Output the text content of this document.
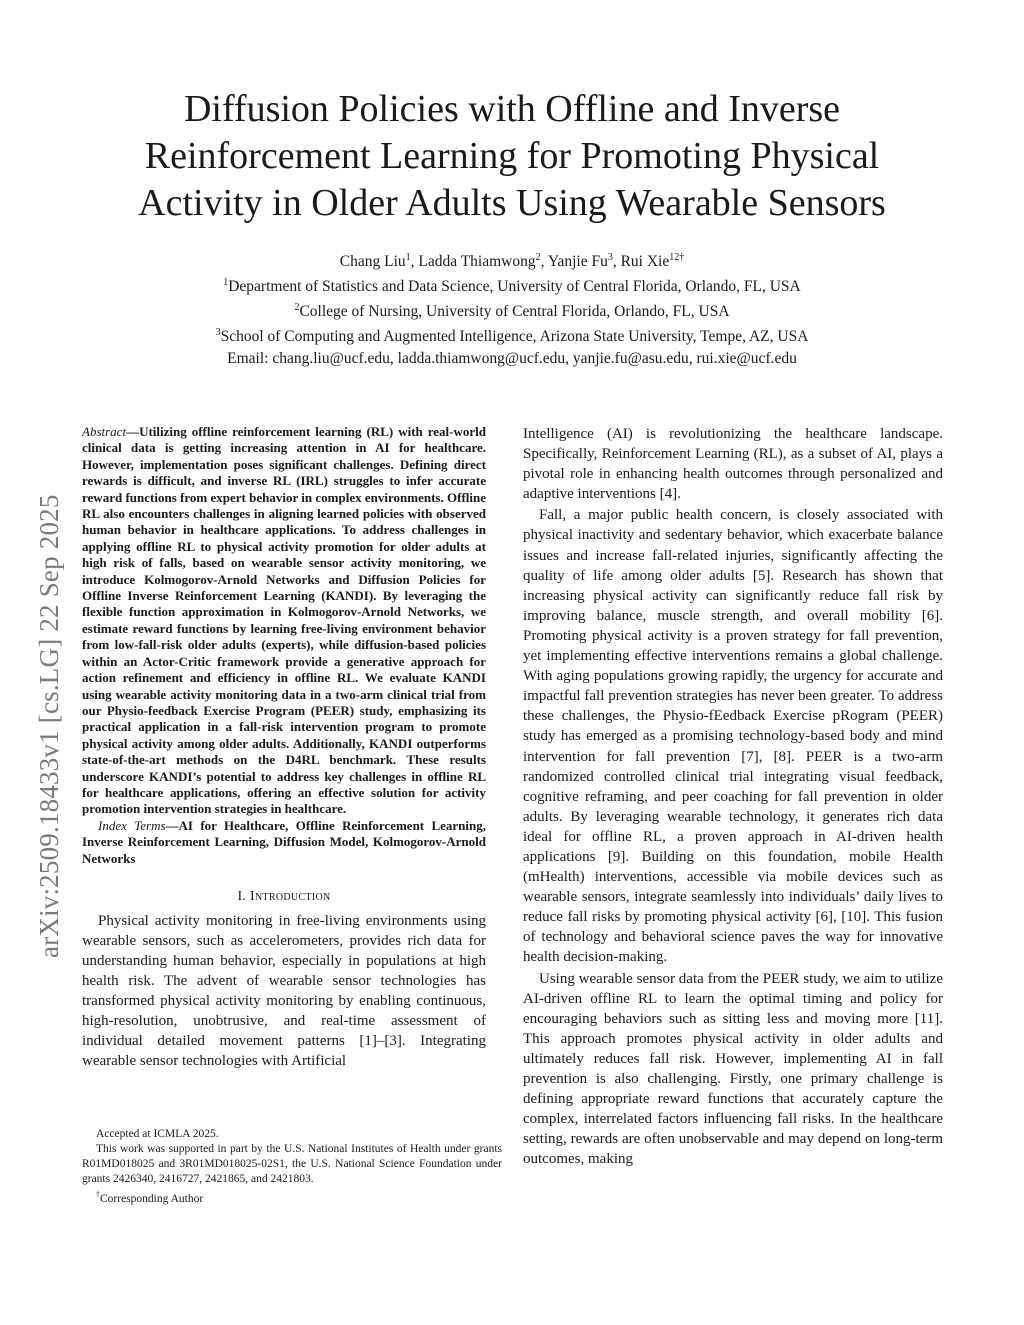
Diffusion Policies with Offline and Inverse
Reinforcement Learning for Promoting Physical
Activity in Older Adults Using Wearable Sensors
Chang Liu$^1$, Ladda Thiamwong$^2$, Yanjie Fu$^3$, Rui Xie$^{12\dagger}$
$^1$Department of Statistics and Data Science, University of Central Florida, Orlando, FL, USA
$^2$College of Nursing, University of Central Florida, Orlando, FL, USA
$^3$School of Computing and Augmented Intelligence, Arizona State University, Tempe, AZ, USA
Email: chang.liu@ucf.edu, ladda.thiamwong@ucf.edu, yanjie.fu@asu.edu, rui.xie@ucf.edu
arXiv:2509.18433v1 [cs.LG] 22 Sep 2025

Abstract—Utilizing offline reinforcement learning (RL) with real-world clinical data is getting increasing attention in AI for healthcare. However, implementation poses significant challenges. Defining direct rewards is difficult, and inverse RL (IRL) struggles to infer accurate reward functions from expert behavior in complex environments. Offline RL also encounters challenges in aligning learned policies with observed human behavior in healthcare applications. To address challenges in applying offline RL to physical activity promotion for older adults at high risk of falls, based on wearable sensor activity monitoring, we introduce Kolmogorov-Arnold Networks and Diffusion Policies for Offline Inverse Reinforcement Learning (KANDI). By leveraging the flexible function approximation in Kolmogorov-Arnold Networks, we estimate reward functions by learning free-living environment behavior from low-fall-risk older adults (experts), while diffusion-based policies within an Actor-Critic framework provide a generative approach for action refinement and efficiency in offline RL. We evaluate KANDI using wearable activity monitoring data in a two-arm clinical trial from our Physio-feedback Exercise Program (PEER) study, emphasizing its practical application in a fall-risk intervention program to promote physical activity among older adults. Additionally, KANDI outperforms state-of-the-art methods on the D4RL benchmark. These results underscore KANDI’s potential to address key challenges in offline RL for healthcare applications, offering an effective solution for activity promotion intervention strategies in healthcare.

Index Terms—AI for Healthcare, Offline Reinforcement Learning, Inverse Reinforcement Learning, Diffusion Model, Kolmogorov-Arnold Networks

I. Introduction

Physical activity monitoring in free-living environments using wearable sensors, such as accelerometers, provides rich data for understanding human behavior, especially in populations at high health risk. The advent of wearable sensor technologies has transformed physical activity monitoring by enabling continuous, high-resolution, unobtrusive, and real-time assessment of individual detailed movement patterns [1]–[3]. Integrating wearable sensor technologies with Artificial

Intelligence (AI) is revolutionizing the healthcare landscape. Specifically, Reinforcement Learning (RL), as a subset of AI, plays a pivotal role in enhancing health outcomes through personalized and adaptive interventions [4].

Fall, a major public health concern, is closely associated with physical inactivity and sedentary behavior, which exacerbate balance issues and increase fall-related injuries, significantly affecting the quality of life among older adults [5]. Research has shown that increasing physical activity can significantly reduce fall risk by improving balance, muscle strength, and overall mobility [6]. Promoting physical activity is a proven strategy for fall prevention, yet implementing effective interventions remains a global challenge. With aging populations growing rapidly, the urgency for accurate and impactful fall prevention strategies has never been greater. To address these challenges, the Physio-fEedback Exercise pRogram (PEER) study has emerged as a promising technology-based body and mind intervention for fall prevention [7], [8]. PEER is a two-arm randomized controlled clinical trial integrating visual feedback, cognitive reframing, and peer coaching for fall prevention in older adults. By leveraging wearable technology, it generates rich data ideal for offline RL, a proven approach in AI-driven health applications [9]. Building on this foundation, mobile Health (mHealth) interventions, accessible via mobile devices such as wearable sensors, integrate seamlessly into individuals’ daily lives to reduce fall risks by promoting physical activity [6], [10]. This fusion of technology and behavioral science paves the way for innovative health decision-making.

Using wearable sensor data from the PEER study, we aim to utilize AI-driven offline RL to learn the optimal timing and policy for encouraging behaviors such as sitting less and moving more [11]. This approach promotes physical activity in older adults and ultimately reduces fall risk. However, implementing AI in fall prevention is also challenging. Firstly, one primary challenge is defining appropriate reward functions that accurately capture the complex, interrelated factors influencing fall risks. In the healthcare setting, rewards are often unobservable and may depend on long-term outcomes, making

Accepted at ICMLA 2025.

This work was supported in part by the U.S. National Institutes of Health under grants R01MD018025 and 3R01MD018025-02S1, the U.S. National Science Foundation under grants 2426340, 2416727, 2421865, and 2421803.

†Corresponding Author
